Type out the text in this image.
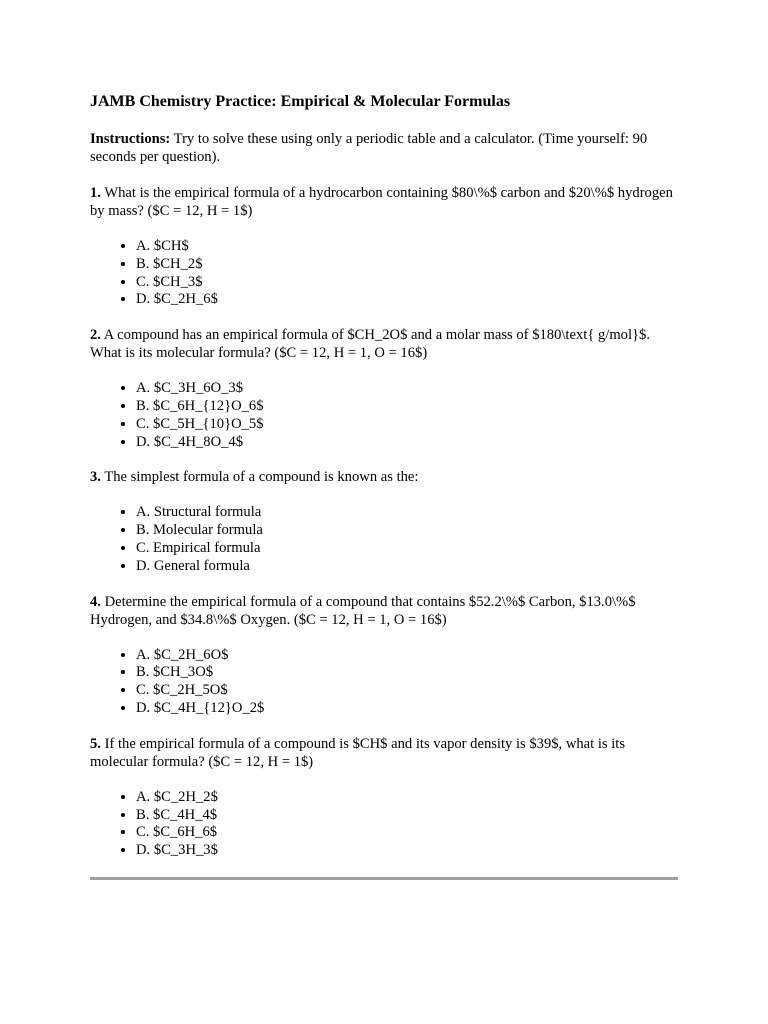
JAMB Chemistry Practice: Empirical & Molecular Formulas

Instructions: Try to solve these using only a periodic table and a calculator. (Time yourself: 90 seconds per question).

1. What is the empirical formula of a hydrocarbon containing $80\%$ carbon and $20\%$ hydrogen by mass? ($C = 12, H = 1$)

• A. $CH$
• B. $CH_2$
• C. $CH_3$
• D. $C_2H_6$

2. A compound has an empirical formula of $CH_2O$ and a molar mass of $180\text{ g/mol}$. What is its molecular formula? ($C = 12, H = 1, O = 16$)

• A. $C_3H_6O_3$
• B. $C_6H_{12}O_6$
• C. $C_5H_{10}O_5$
• D. $C_4H_8O_4$

3. The simplest formula of a compound is known as the:

• A. Structural formula
• B. Molecular formula
• C. Empirical formula
• D. General formula

4. Determine the empirical formula of a compound that contains $52.2\%$ Carbon, $13.0\%$ Hydrogen, and $34.8\%$ Oxygen. ($C = 12, H = 1, O = 16$)

• A. $C_2H_6O$
• B. $CH_3O$
• C. $C_2H_5O$
• D. $C_4H_{12}O_2$

5. If the empirical formula of a compound is $CH$ and its vapor density is $39$, what is its molecular formula? ($C = 12, H = 1$)

• A. $C_2H_2$
• B. $C_4H_4$
• C. $C_6H_6$
• D. $C_3H_3$
